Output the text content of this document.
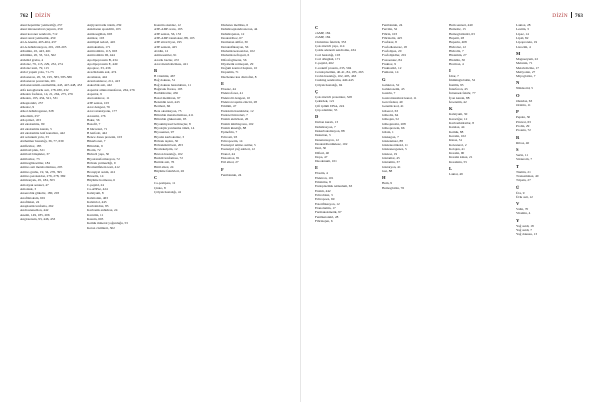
762 DİZİN
Akut hepatitler yetmezliği, 257
Akut intraserebral çarpıntı, 259
Akut koroner sendrom, 712
Akut renal yetmezlik, 459
ALA Anemi, 403-404, 437
ALA dehidratasyon, 201, 203-205
Albumin, 45, 443, 461
Albümin, 20, 33, 312, 562
Aldehid grubu, 4
Aldolaz, 79, 115, 229, 232, 274
Aldolaz testi, 79, 115
Aldol yapım yolu, 71-73
Aldosteron, 20, 33, 195, 383, 585-586
Aldosteron postavlek, 201
Aldosteronizm-ozemalilik, 443, 447-448, 453
Alfa ketoglutarik asit, 178-180, 432
Alkalen fosfataz, 14, 21, 264, 275, 276
Alkalen, 195, 434, 521, 531
Alkaptonüri, 257
Alkaloz, 9
Alkol dehidrogenaz, 328
Alkolizm, 257
Alloprinol, 453
Alt ekstremite, 99
Alt ekstremite kanalı, 5
Alt ekstremite lenf kanalları, 442
Alt solunum yolu, 33
Alzheimer hastalığı, 36, 77, 639
Amfizidoz, 185
Amiloid plak, 321
Amiloid bileşikler, 37
Amiloidoz, 73
Aminoglikozitler, 184
Amino asit metabolizması, 205
Amino grubu, 19, 34, 276, 395
Amino peroksidaz, 276, 278, 369
Ammonyak, 45, 184, 303
Amonyak sentezi, 47
Amoniak, 3
Anaerobik glikoliz, 180, 203
Anafilatoksin, 601
Anafilaksi, 24
Anaplastik lenfoma, 262
Androstenedion, 442
Anemi, 149, 185, 206
Angiotensin, 93, 446, 453
Anjiyonörotik ödem, 259
Ankilozan spondilit, 103
Antikoagülan, 603
Antikor, 103
Antilipid tedavi, 445
Antioksidan, 171
Antitrombin, 115, 603
Antitrombin III, 444
Apolipoprotein B, 434
Apolipoprotein E, 449
Apoptoz, 33, 436
Arachidonik asit, 474
Aromataz, 442
Arterioskleroz, 211, 423
Askorbik asit, 442
Aspartat aminotransferaz, 264, 276
Aspartat, 9
Ateroskleroz, 11
ATP sentaz, 103
Azot dengesi, 76
Azot retansiyonu, 177
Azotemi, 176
Bakır, 56
Bazofil, 7
B hücreleri, 71
B lenfosit, 442
Bence Jones proteini, 103
Bikarbonat, 7
Bilirubin, 9
Biotin, 72
Birincil yapı, 50
Biyotransformasyon, 72
Böbrek yetmezliği, 9
Bromsülfalein testi, 412
Bronşiyal astım, 412
Brusella, 14
Büyüme hormonu, 6
C-peptid, 24
Ca-ATPaz, 424
Kalsiyum, 8
Kalsitonin, 463
Kalsitriol, 445
Karbohidrat, 83
Karbonik anhidraz, 24
Karnitin, 11
Kazein, 603
Kemik mineral yoğunluğu, 53
Keton cisimleri, 302
Ksantin oksidaz, 12
ATP-ADP oranı, 195
ATP sentaz, 56, 153
ATP-ADP translokaz, 88, 103
ATP sitrat liyaz, 195
ATP sentezi, 425
Avidin, 12
Aminoasitler, 91
Azotlu bazlar, 472
Azot metabolizması, 421
B
B vitamini, 467
Bağ dokusu, 51
Bağ dokusu hastalıkları, 11
Bağırsak florası, 103
Barbitüratlar, 456
Bazal membran, 97
Benzidin testi, 443
Beriberi, 66
Beta oksidasyon, 75
Bilirubin metabolizması, 411
Bilirubin glukuronit, 93
Biyokimyasal belirteçler, 8
Biyolojik yarılanma ömrü, 14
Biyosentez, 97
Biyotin karboksilaz, 3
Böbrek taşları, 30
Böbreküstü bezi, 203
Bromokriptin, 12
Bruton hastalığı, 102
Burkitt lenfoması, 72
Butirik asit, 76
Bütil alkol, 24
Büyüme faktörleri, 26
C
Ca-pompası, 11
Çinko, 8
Çölyak hastalığı, 41
Diabetes mellitus, 6
Dehidroepiandrosteron, 44
Dehidrojenaz, 12
Deoksiriboz, 67
Dermatan sülfat, 30
Detoksifikasyon, 56
Diabetik ketoasidoz, 102
Diabetik nefropati, 6
Difosfogliserat, 56
Diyabetik retinopati, 29
Doğum kontrol hapları, 10
Dopamin, 71
Duchenne kas distrofisi, 8
E
Elastaz, 44
Elektroforez, 41
Elektrolit dengesi, 10
Elektron taşıma zinciri, 28
Emilim, 47
Endokrin hastalıklar, 12
Endotel hücreleri, 7
Enzim aktivitesi, 26
Enzim inhibisyonu, 102
Enzim kinetiği, 88
Epinefrin, 7
Eritrosit, 93
Eritropoetin, 14
Esansiyel amino asitler, 5
Esansiyel yağ asitleri, 12
Etanol, 44
Ekzositoz, 81
Etil alkol, 27
F
Fenilalanin, 24
DİZİN 763
C
cAMP, 184
cGMP, 184
Christmas faktörü, 353
Çok zincirli yapı, 114
Çoklu adenom sendromu, 434
Cori hastalığı, 103
Cori döngüsü, 171
C-peptid, 462
C-reaktif protein, 233, 594
Ceruloplazmin, 40-41, 84, 185, 263
Crohn hastalığı, 102, 405, 463
Cushing sendromu, 440-445
Çölyak hastalığı, 94
Ç
Çok zincirli proteinler, 328
Çekirdek, 121
Çift iplikli DNA, 224
Çöp adamlar, 55
D
Dalton kuralı, 13
Dehidrasyon, 7
Dekarboksilasyon, 88
Dekstran, 3
Denaturasyon, 12
Deoksiribonükleaz, 102
Deri, 30
Difteri, 40
Dopa, 47
Duodenum, 101
E
Elastin, 4
Elektron, 101
Emzirme, 8
Endoplazmik retikulum, 63
Enzim, 442
Eritroblast, 3
Eritropoez, 69
Esterifikasyon, 12
Etanolamin, 17
Farmakokinetik, 97
Fenilketonüri, 28
Fibrinojen, 6
Fenilalanin, 24
Ferritin, 52
Fibrin, 103
Fibrinoliz, 425
Fosfataz, 8
Fosfodiesteraz, 18
Fosfolipaz, 20
Fosfolipidler, 201
Fotosentez, 84
Fruktoz, 9
Fruktozüri, 12
Fumarat, 14
G
Galaktoz, 52
Galaktozemi, 43
Gastrin, 7
Gastrointestinal kanal, 11
Gen ifadesi, 40
Genetik kod, 41
Gliserol, 63
Glikoliz, 64
Glikojen, 52
Glikojenoliz, 208
Glikoprotein, 66
Glisin, 1
Glukagon, 7
Glukokinaz, 88
Glukokortikoid, 11
Glukoneogenez, 5
Glukoz, 19
Glutamat, 45
Glutamin, 37
Glutatyon, 41
Gut, 88
H
Hem, 9
Hemoglobin, 76
Hem sentezi, 440
Hemoliz, 15
Hemoglobinüri, 63
Hepatit, 28
Heparin, 408
Hidrolaz, 12
Hidroliz, 7
Histamin, 27
Histidin, 30
Hormon, 4
I
İdrar, 7
İmmünglobulin, 52
İnsülin, 93
İnterferon, 45
İntrensek faktör, 77
İyon kanalı, 88
İzoenzim, 42
K
Kalsiyum, 30
Karaciğer, 12
Karbonhidratlar, 8
Katalaz, 44
Kemik, 88
Keratin, 102
Kinaz, 31
Kolesterol, 2
Kolajen, 41
Kreatin, 90
Kreatin kinaz, 21
Kreatinin, 55
L
Laktat, 49
Laktoz, 28
Lesitin, 3
Lipaz, 14
Lipid, 82
Lipoprotein, 19
Lizozim, 4
M
Magnezyum, 22
Melanin, 71
Metabolizma, 17
Metiyonin, 27
Miyoglobin, 7
N
Nükleotid, 5
O
Oksidaz, 63
Ornitin, 11
P
Pepsin, 30
Piruvat, 63
Prolin, 29
Protein, 72
R
Riboz, 40
S
Serin, 11
Sitokrom, 7
T
Tiamin, 21
Transaminaz, 40
Tripsin, 27
Ü
Üre, 9
Ürik asit, 12
V
Valin, 70
Vitamin, 4
Y
Yağ asidi, 18
Yağ asidi, 7
Yağ dokusu, 13
